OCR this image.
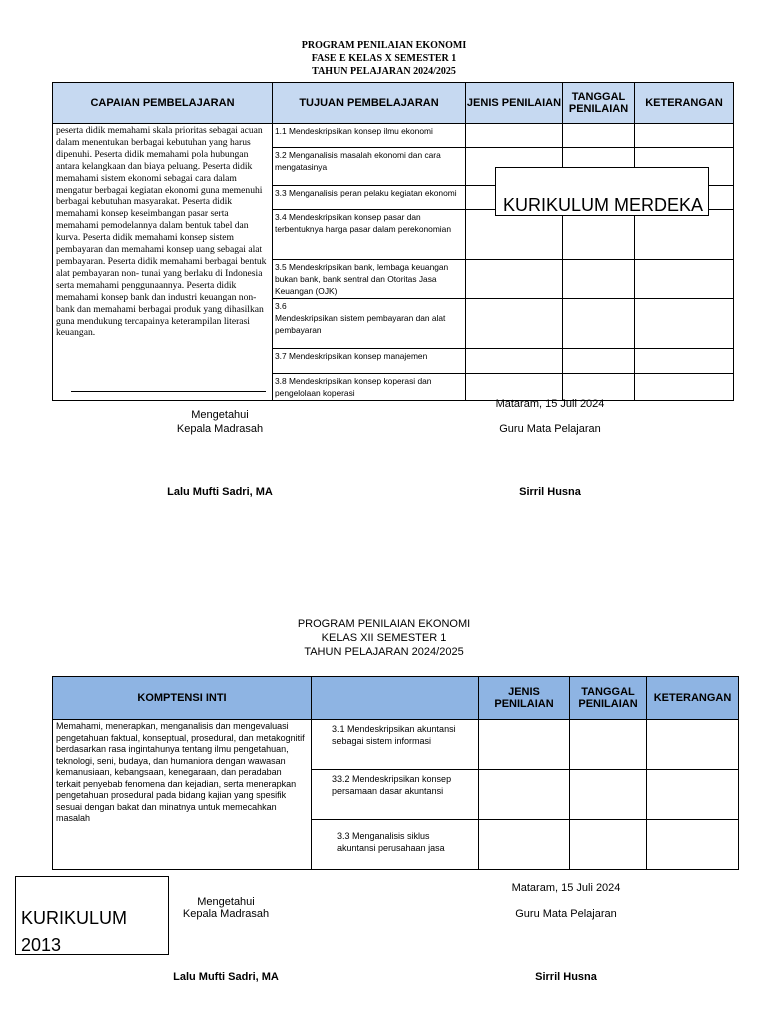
PROGRAM PENILAIAN EKONOMI
FASE E KELAS X SEMESTER 1
TAHUN PELAJARAN 2024/2025
CAPAIAN PEMBELAJARAN	TUJUAN PEMBELAJARAN	JENIS PENILAIAN	TANGGAL PENILAIAN	KETERANGAN

peserta didik memahami skala prioritas sebagai acuan dalam menentukan berbagai kebutuhan yang harus dipenuhi. Peserta didik memahami pola hubungan antara kelangkaan dan biaya peluang. Peserta didik memahami sistem ekonomi sebagai cara dalam mengatur berbagai kegiatan ekonomi guna memenuhi berbagai kebutuhan masyarakat. Peserta didik memahami konsep keseimbangan pasar serta memahami pemodelannya dalam bentuk tabel dan kurva. Peserta didik memahami konsep sistem pembayaran dan memahami konsep uang sebagai alat pembayaran. Peserta didik memahami berbagai bentuk alat pembayaran non- tunai yang berlaku di Indonesia serta memahami penggunaannya. Peserta didik memahami konsep bank dan industri keuangan non-bank dan memahami berbagai produk yang dihasilkan guna mendukung tercapainya keterampilan literasi keuangan.	1.1 Mendeskripsikan konsep ilmu ekonomi			
	3.2 Menganalisis masalah ekonomi dan cara mengatasinya			
	3.3 Menganalisis peran pelaku kegiatan ekonomi			
	3.4 Mendeskripsikan konsep pasar dan terbentuknya harga pasar dalam perekonomian			
	3.5 Mendeskripsikan bank, lembaga keuangan bukan bank, bank sentral dan Otoritas Jasa Keuangan (OJK)			
	3.6
Mendeskripsikan sistem pembayaran dan alat pembayaran			
	3.7 Mendeskripsikan konsep manajemen			
	3.8 Mendeskripsikan konsep koperasi dan pengelolaan koperasi			
KURIKULUM MERDEKA
Mengetahui
Kepala Madrasah
Lalu Mufti Sadri, MA
Mataram, 15 Juli 2024
Guru Mata Pelajaran
Sirril Husna
PROGRAM PENILAIAN EKONOMI
KELAS XII SEMESTER 1
TAHUN PELAJARAN 2024/2025
KOMPTENSI INTI		JENIS PENILAIAN	TANGGAL PENILAIAN	KETERANGAN

Memahami, menerapkan, menganalisis dan mengevaluasi pengetahuan faktual, konseptual, prosedural, dan metakognitif berdasarkan rasa ingintahunya tentang ilmu pengetahuan, teknologi, seni, budaya, dan humaniora dengan wawasan kemanusiaan, kebangsaan, kenegaraan, dan peradaban terkait penyebab fenomena dan kejadian, serta menerapkan pengetahuan prosedural pada bidang kajian yang spesifik sesuai dengan bakat dan minatnya untuk memecahkan masalah	3.1 Mendeskripsikan akuntansi sebagai sistem informasi			
	33.2 Mendeskripsikan konsep persamaan dasar akuntansi			
	3.3 Menganalisis siklus akuntansi perusahaan jasa			
KURIKULUM 2013
Mengetahui
Kepala Madrasah
Lalu Mufti Sadri, MA
Mataram, 15 Juli 2024
Guru Mata Pelajaran
Sirril Husna
